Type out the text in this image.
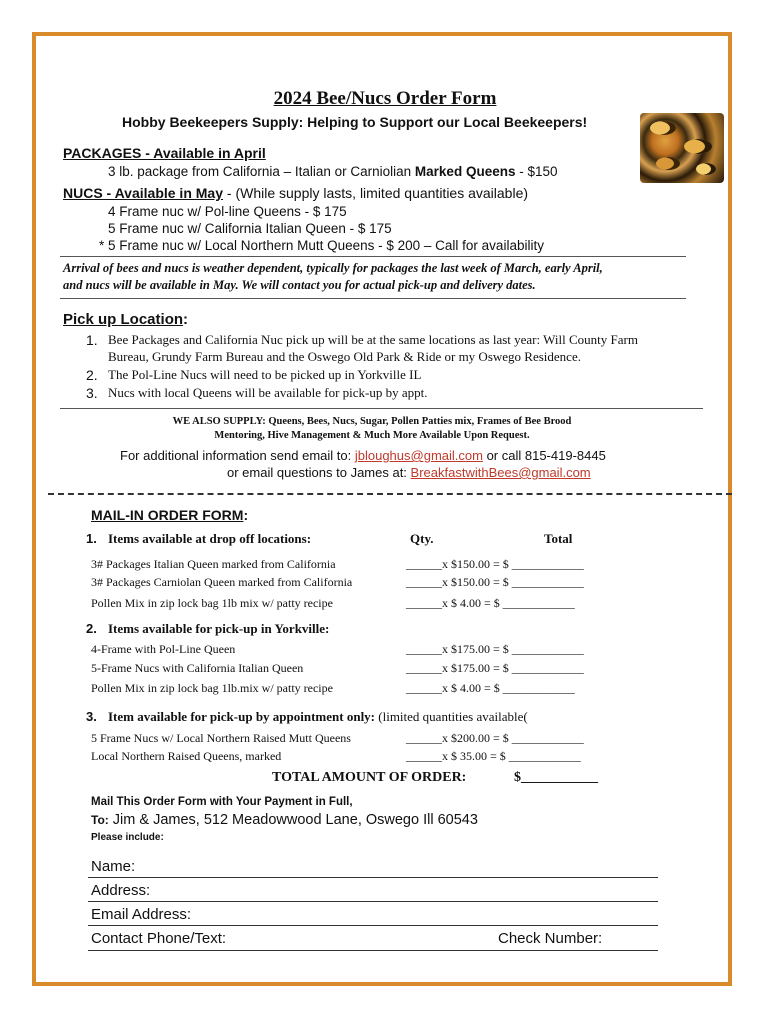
2024 Bee/Nucs Order Form
Hobby Beekeepers Supply: Helping to Support our Local Beekeepers!
PACKAGES - Available in April
3 lb. package from California – Italian or Carniolian Marked Queens - $150
NUCS - Available in May - (While supply lasts, limited quantities available)
4 Frame nuc w/ Pol-line Queens - $ 175
5 Frame nuc w/ California Italian Queen - $ 175
* 5 Frame nuc w/ Local Northern Mutt Queens - $ 200 – Call for availability
Arrival of bees and nucs is weather dependent, typically for packages the last week of March, early April,
and nucs will be available in May. We will contact you for actual pick-up and delivery dates.
Pick up Location:
1. Bee Packages and California Nuc pick up will be at the same locations as last year: Will County Farm
Bureau, Grundy Farm Bureau and the Oswego Old Park & Ride or my Oswego Residence.
2. The Pol-Line Nucs will need to be picked up in Yorkville IL
3. Nucs with local Queens will be available for pick-up by appt.
WE ALSO SUPPLY: Queens, Bees, Nucs, Sugar, Pollen Patties mix, Frames of Bee Brood
Mentoring, Hive Management & Much More Available Upon Request.
For additional information send email to: jbloughus@gmail.com or call 815-419-8445
or email questions to James at: BreakfastwithBees@gmail.com
MAIL-IN ORDER FORM:
1. Items available at drop off locations:	Qty.	Total
3# Packages Italian Queen marked from California	______x $150.00 = $ ____________
3# Packages Carniolan Queen marked from California	______x $150.00 = $ ____________
Pollen Mix in zip lock bag 1lb mix w/ patty recipe	______x $ 4.00 = $ ____________
2. Items available for pick-up in Yorkville:
4-Frame with Pol-Line Queen	______x $175.00 = $ ____________
5-Frame Nucs with California Italian Queen	______x $175.00 = $ ____________
Pollen Mix in zip lock bag 1lb.mix w/ patty recipe	______x $ 4.00 = $ ____________
3. Item available for pick-up by appointment only: (limited quantities available(
5 Frame Nucs w/ Local Northern Raised Mutt Queens	______x $200.00 = $ ____________
Local Northern Raised Queens, marked	______x $ 35.00 = $ ____________
TOTAL AMOUNT OF ORDER:	$___________
Mail This Order Form with Your Payment in Full,
To: Jim & James, 512 Meadowwood Lane, Oswego Ill 60543
Please include:
Name:
Address:
Email Address:
Contact Phone/Text:	Check Number:
